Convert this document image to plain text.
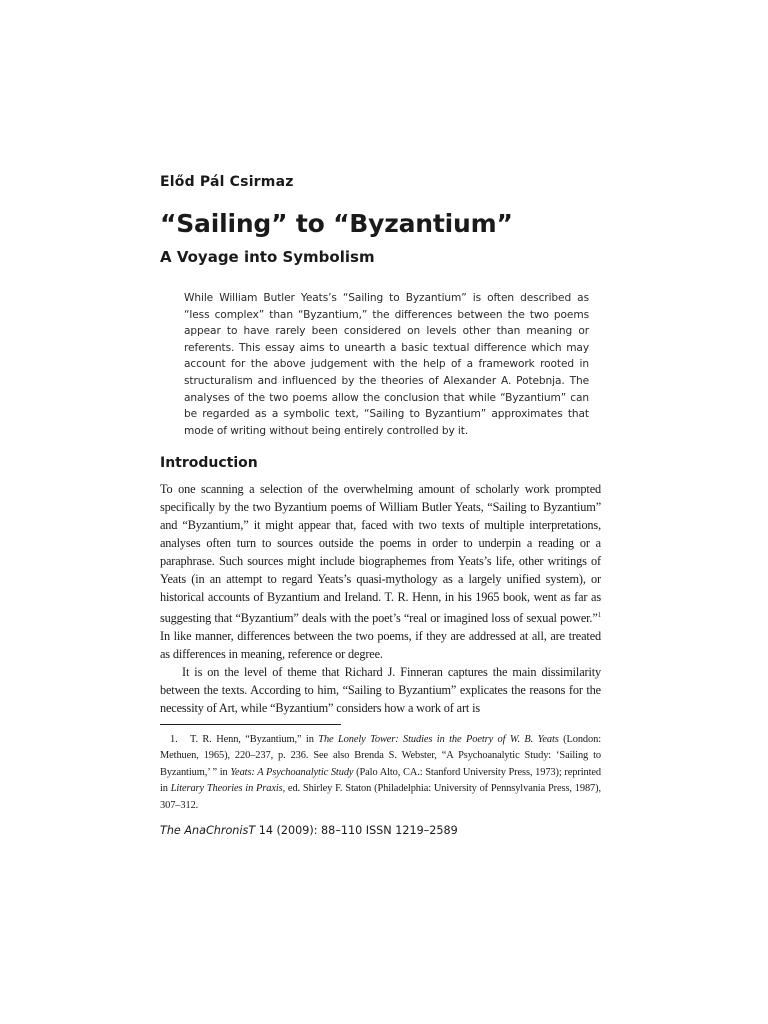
Előd Pál Csirmaz
“Sailing” to “Byzantium”
A Voyage into Symbolism
While William Butler Yeats’s “Sailing to Byzantium” is often described as “less complex” than “Byzantium,” the differences between the two poems appear to have rarely been considered on levels other than meaning or referents. This essay aims to unearth a basic textual difference which may account for the above judgement with the help of a framework rooted in structuralism and influenced by the theories of Alexander A. Potebnja. The analyses of the two poems allow the conclusion that while “Byzantium” can be regarded as a symbolic text, “Sailing to Byzantium” approximates that mode of writing without being entirely controlled by it.
Introduction

To one scanning a selection of the overwhelming amount of scholarly work prompted specifically by the two Byzantium poems of William Butler Yeats, “Sailing to Byzantium” and “Byzantium,” it might appear that, faced with two texts of multiple interpretations, analyses often turn to sources outside the poems in order to underpin a reading or a paraphrase. Such sources might include biographemes from Yeats’s life, other writings of Yeats (in an attempt to regard Yeats’s quasi-mythology as a largely unified system), or historical accounts of Byzantium and Ireland. T. R. Henn, in his 1965 book, went as far as suggesting that “Byzantium” deals with the poet’s “real or imagined loss of sexual power.”$^1$ In like manner, differences between the two poems, if they are addressed at all, are treated as differences in meaning, reference or degree.

It is on the level of theme that Richard J. Finneran captures the main dissimilarity between the texts. According to him, “Sailing to Byzantium” explicates the reasons for the necessity of Art, while “Byzantium” considers how a work of art is

1. T. R. Henn, “Byzantium,” in The Lonely Tower: Studies in the Poetry of W. B. Yeats (London: Methuen, 1965), 220–237, p. 236. See also Brenda S. Webster, “A Psychoanalytic Study: ‘Sailing to Byzantium,’ ” in Yeats: A Psychoanalytic Study (Palo Alto, CA.: Stanford University Press, 1973); reprinted in Literary Theories in Praxis, ed. Shirley F. Staton (Philadelphia: University of Pennsylvania Press, 1987), 307–312.
The AnaChronisT 14 (2009): 88–110 ISSN 1219–2589
